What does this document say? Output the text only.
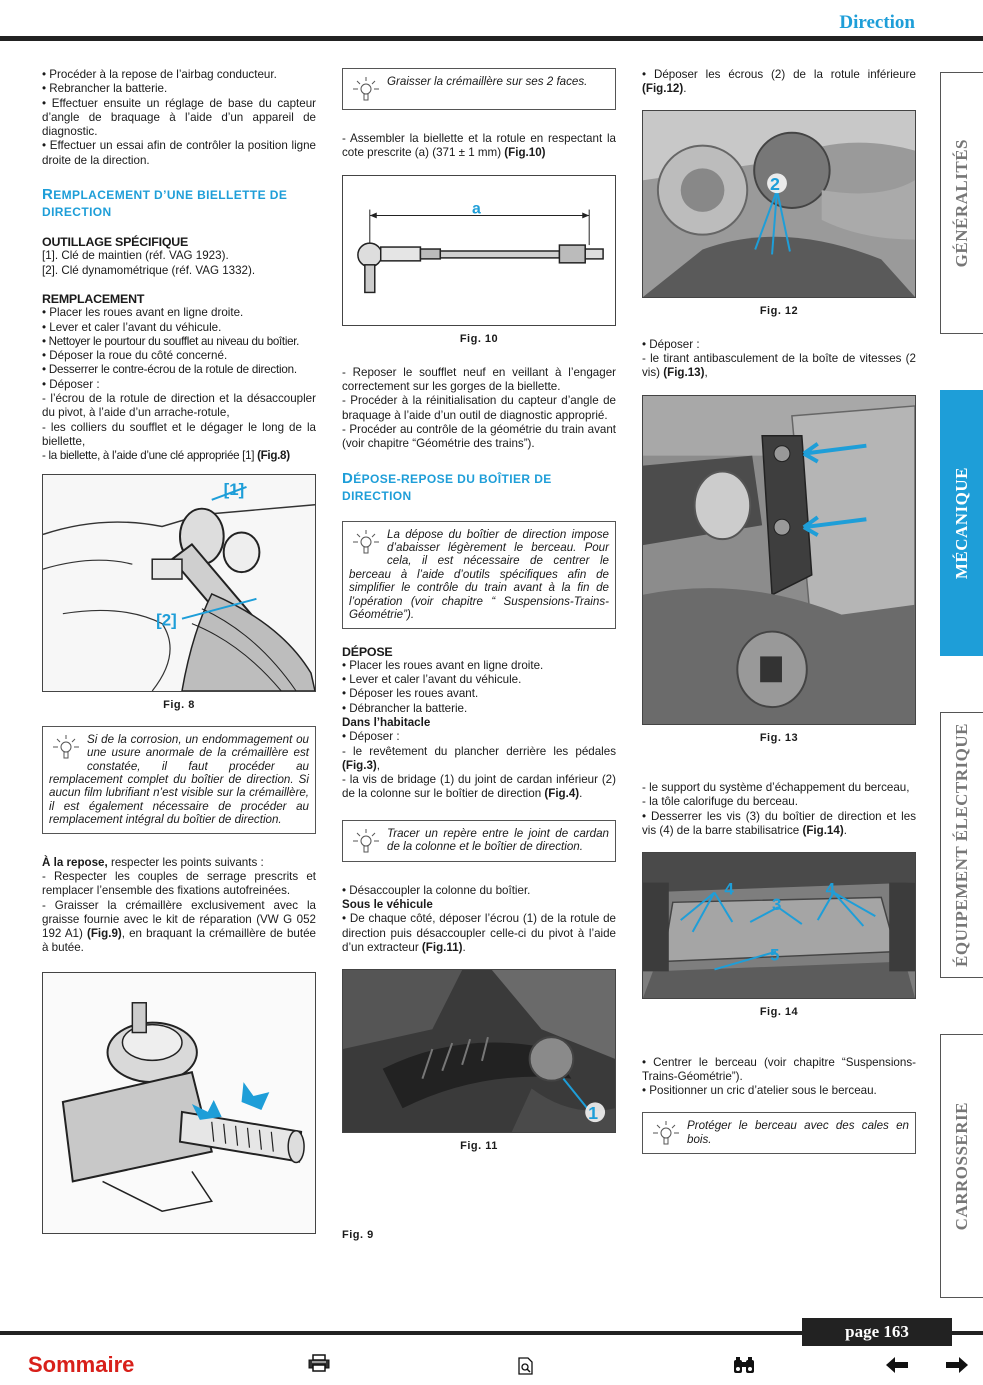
Direction

• Procéder à la repose de l’airbag conducteur.

• Rebrancher la batterie.

• Effectuer ensuite un réglage de base du capteur d’angle de braquage à l’aide d’un appareil de diagnostic.

• Effectuer un essai afin de contrôler la position ligne droite de la direction.

REMPLACEMENT D’UNE BIELLETTE DE DIRECTION

OUTILLAGE SPÉCIFIQUE

[1]. Clé de maintien (réf. VAG 1923).

[2]. Clé dynamométrique (réf. VAG 1332).

REMPLACEMENT

• Placer les roues avant en ligne droite.

• Lever et caler l’avant du véhicule.

• Nettoyer le pourtour du soufflet au niveau du boîtier.

• Déposer la roue du côté concerné.

• Desserrer le contre-écrou de la rotule de direction.

• Déposer :

- l’écrou de la rotule de direction et la désaccoupler du pivot, à l’aide d’un arrache-rotule,

- les colliers du soufflet et le dégager le long de la biellette,

- la biellette, à l’aide d’une clé appropriée [1] (Fig.8)

[1]
[2]
Fig. 8
Si de la corrosion, un endommagement ou une usure anormale de la crémaillère est constatée, il faut procéder au remplacement complet du boîtier de direction. Si aucun film lubrifiant n’est visible sur la crémaillère, il est également nécessaire de procéder au remplacement intégral du boîtier de direction.

À la repose, respecter les points suivants :

- Respecter les couples de serrage prescrits et remplacer l’ensemble des fixations autofreinées.

- Graisser la crémaillère exclusivement avec la graisse fournie avec le kit de réparation (VW G 052 192 A1) (Fig.9), en braquant la crémaillère de butée à butée.

Graisser la crémaillère sur ses 2 faces.

- Assembler la biellette et la rotule en respectant la cote prescrite (a) (371 ± 1 mm) (Fig.10)

a
Fig. 10

- Reposer le soufflet neuf en veillant à l’engager correctement sur les gorges de la biellette.

- Procéder à la réinitialisation du capteur d’angle de braquage à l’aide d’un outil de diagnostic approprié.

- Procéder au contrôle de la géométrie du train avant (voir chapitre “Géométrie des trains”).

DÉPOSE-REPOSE DU BOÎTIER DE DIRECTION
La dépose du boîtier de direction impose d’abaisser légèrement le berceau. Pour cela, il est nécessaire de centrer le berceau à l’aide d’outils spécifiques afin de simplifier le contrôle du train avant à la fin de l’opération (voir chapitre “ Suspensions-Trains-Géométrie”).

DÉPOSE

• Placer les roues avant en ligne droite.

• Lever et caler l’avant du véhicule.

• Déposer les roues avant.

• Débrancher la batterie.

Dans l’habitacle

• Déposer :

- le revêtement du plancher derrière les pédales (Fig.3),

- la vis de bridage (1) du joint de cardan inférieur (2) de la colonne sur le boîtier de direction (Fig.4).

Tracer un repère entre le joint de cardan de la colonne et le boîtier de direction.

• Désaccoupler la colonne du boîtier.

Sous le véhicule

• De chaque côté, déposer l’écrou (1) de la rotule de direction puis désaccoupler celle-ci du pivot à l’aide d’un extracteur (Fig.11).

1
Fig. 11
Fig. 9

• Déposer les écrous (2) de la rotule inférieure (Fig.12).

2
Fig. 12

• Déposer :

- le tirant antibasculement de la boîte de vitesses (2 vis) (Fig.13),

Fig. 13

- le support du système d’échappement du berceau,

- la tôle calorifuge du berceau.

• Desserrer les vis (3) du boîtier de direction et les vis (4) de la barre stabilisatrice (Fig.14).

4
3
4
5
Fig. 14

• Centrer le berceau (voir chapitre “Suspensions-Trains-Géométrie”).

• Positionner un cric d’atelier sous le berceau.

Protéger le berceau avec des cales en bois.
GÉNÉRALITÉS
MÉCANIQUE
ÉQUIPEMENT ÉLECTRIQUE
CARROSSERIE
page 163
Sommaire
